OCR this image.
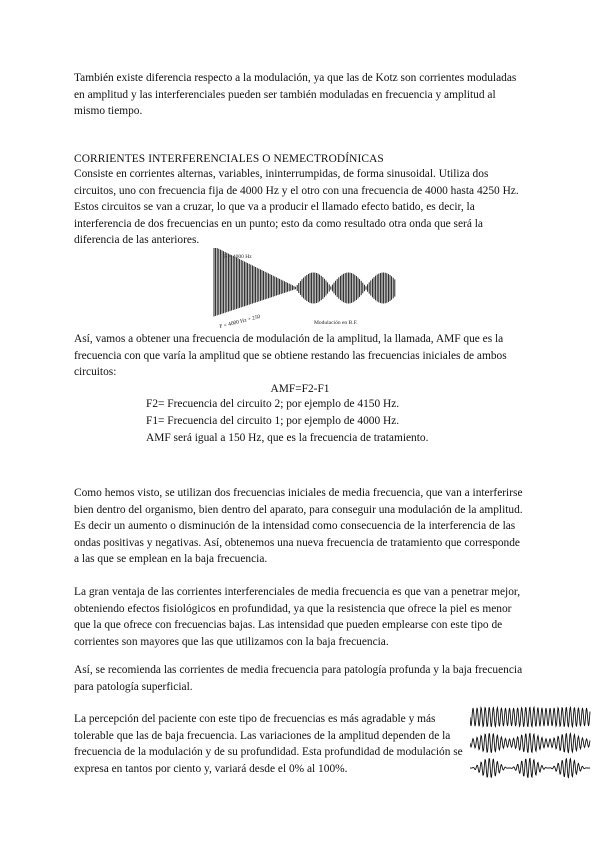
También existe diferencia respecto a la modulación, ya que las de Kotz son corrientes moduladas en amplitud y las interferenciales pueden ser también moduladas en frecuencia y amplitud al mismo tiempo.

CORRIENTES INTERFERENCIALES O NEMECTRODÍNICAS

Consiste en corrientes alternas, variables, ininterrumpidas, de forma sinusoidal. Utiliza dos circuitos, uno con frecuencia fija de 4000 Hz y el otro con una frecuencia de 4000 hasta 4250 Hz. Estos circuitos se van a cruzar, lo que va a producir el llamado efecto batido, es decir, la interferencia de dos frecuencias en un punto; esto da como resultado otra onda que será la diferencia de las anteriores.

F = 4000 Hz
F = 4000 Hz + 250	Modulación en B.F.

Así, vamos a obtener una frecuencia de modulación de la amplitud, la llamada, AMF que es la frecuencia con que varía la amplitud que se obtiene restando las frecuencias iniciales de ambos circuitos:

AMF=F2-F1

F2= Frecuencia del circuito 2; por ejemplo de 4150 Hz.

F1= Frecuencia del circuito 1; por ejemplo de 4000 Hz.

AMF será igual a 150 Hz, que es la frecuencia de tratamiento.

Como hemos visto, se utilizan dos frecuencias iniciales de media frecuencia, que van a interferirse bien dentro del organismo, bien dentro del aparato, para conseguir una modulación de la amplitud. Es decir un aumento o disminución de la intensidad como consecuencia de la interferencia de las ondas positivas y negativas. Así, obtenemos una nueva frecuencia de tratamiento que corresponde a las que se emplean en la baja frecuencia.

La gran ventaja de las corrientes interferenciales de media frecuencia es que van a penetrar mejor, obteniendo efectos fisiológicos en profundidad, ya que la resistencia que ofrece la piel es menor que la que ofrece con frecuencias bajas. Las intensidad que pueden emplearse con este tipo de corrientes son mayores que las que utilizamos con la baja frecuencia.

Así, se recomienda las corrientes de media frecuencia para patología profunda y la baja frecuencia para patología superficial.

La percepción del paciente con este tipo de frecuencias es más agradable y más tolerable que las de baja frecuencia. Las variaciones de la amplitud dependen de la frecuencia de la modulación y de su profundidad. Esta profundidad de modulación se expresa en tantos por ciento y, variará desde el 0% al 100%.
